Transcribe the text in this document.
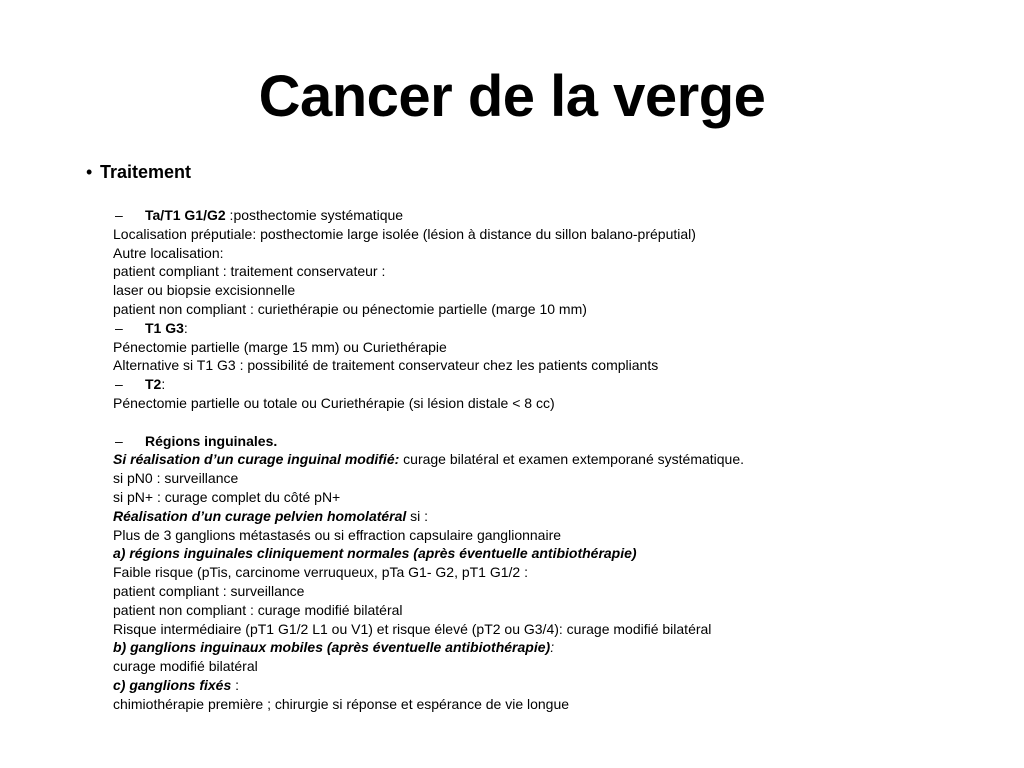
Cancer de la verge
• Traitement
– Ta/T1 G1/G2 :posthectomie systématique
Localisation préputiale: posthectomie large isolée (lésion à distance du sillon balano-préputial)
Autre localisation:
patient compliant : traitement conservateur :
laser ou biopsie excisionnelle
patient non compliant : curiethérapie ou pénectomie partielle (marge 10 mm)
– T1 G3:
Pénectomie partielle (marge 15 mm) ou Curiethérapie
Alternative si T1 G3 : possibilité de traitement conservateur chez les patients compliants
– T2:
Pénectomie partielle ou totale ou Curiethérapie (si lésion distale < 8 cc)
– Régions inguinales.
Si réalisation d’un curage inguinal modifié: curage bilatéral et examen extemporané systématique.
si pN0 : surveillance
si pN+ : curage complet du côté pN+
Réalisation d’un curage pelvien homolatéral si :
Plus de 3 ganglions métastasés ou si effraction capsulaire ganglionnaire
a) régions inguinales cliniquement normales (après éventuelle antibiothérapie)
Faible risque (pTis, carcinome verruqueux, pTa G1- G2, pT1 G1/2 :
patient compliant : surveillance
patient non compliant : curage modifié bilatéral
Risque intermédiaire (pT1 G1/2 L1 ou V1) et risque élevé (pT2 ou G3/4): curage modifié bilatéral
b) ganglions inguinaux mobiles (après éventuelle antibiothérapie):
curage modifié bilatéral
c) ganglions fixés :
chimiothérapie première ; chirurgie si réponse et espérance de vie longue
